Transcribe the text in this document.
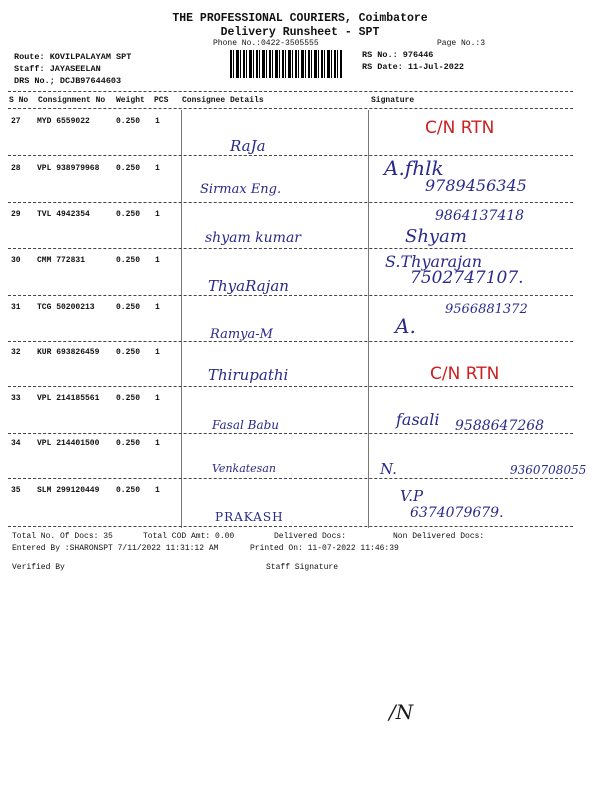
THE PROFESSIONAL COURIERS, Coimbatore
Delivery Runsheet - SPT
Phone No.:0422-3505555	Page No.:3
Route: KOVILPALAYAM SPT
Staff: JAYASEELAN
DRS No.; DCJB97644603
RS No.: 976446
RS Date: 11-Jul-2022
S No Consignment No Weight PCS Consignee Details	Signature
27 MYD 6559022	0.250 1
RaJa
C/N RTN
28 VPL 938979968 0.250 1
Sirmax Eng.
A.fhlk
9789456345
29 TVL 4942354	0.250 1
shyam kumar	Shyam
9864137418
30 CMM 772831	0.250 1
ThyaRajan
S.Thyarajan
7502747107.
31 TCG 50200213	0.250 1
Ramya-M	A.
9566881372
32 KUR 693826459 0.250 1
Thirupathi	C/N RTN
33 VPL 214185561 0.250 1
Fasal Babu	fasali 9588647268
34 VPL 214401500 0.250 1
Venkatesan	N.	9360708055
35 SLM 299120449 0.250 1
PRAKASH
V.P
6374079679.
Total No. Of Docs: 35	Total COD Amt: 0.00	Delivered Docs:	Non Delivered Docs:
Entered By :SHARONSPT 7/11/2022 11:31:12 AM	Printed On: 11-07-2022 11:46:39
Verified By	Staff Signature
/N
